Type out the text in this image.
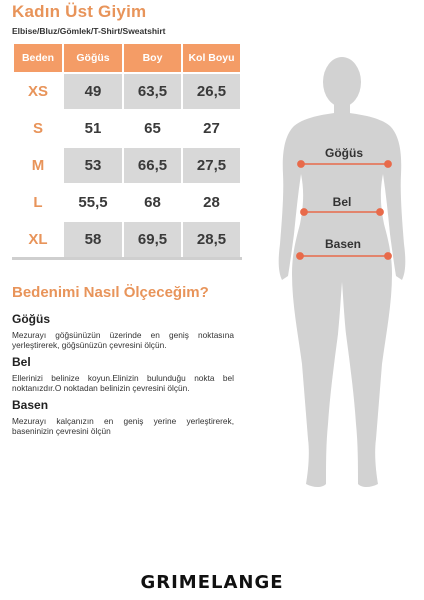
Kadın Üst Giyim
Elbise/Bluz/Gömlek/T-Shirt/Sweatshirt
Beden	Göğüs	Boy	Kol Boyu
XS	49	63,5	26,5
S	51	65	27
M	53	66,5	27,5
L	55,5	68	28
XL	58	69,5	28,5
Bedenimi Nasıl Ölçeceğim?
Göğüs

Mezurayı göğsünüzün üzerinde en geniş noktasına yerleştirerek, göğsünüzün çevresini ölçün.

Bel

Ellerinizi belinize koyun.Elinizin bulunduğu nokta bel noktanızdır.O noktadan belinizin çevresini ölçün.

Basen

Mezurayı kalçanızın en geniş yerine yerleştirerek, baseninizin çevresini ölçün

Göğüs
Bel
Basen
GRIMELANGE
